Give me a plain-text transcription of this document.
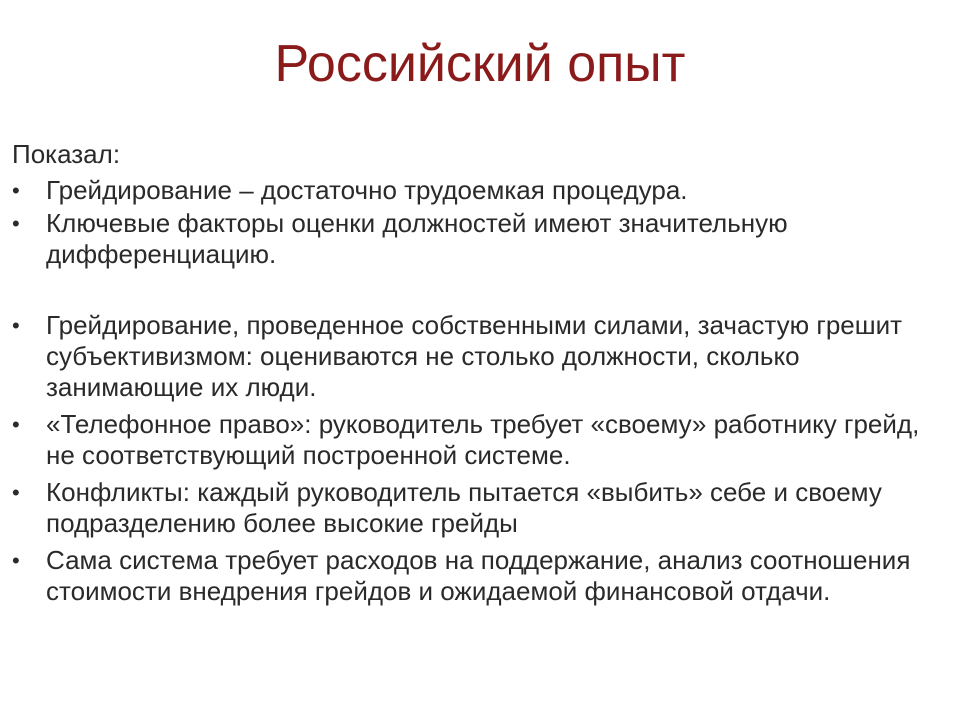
Российский опыт
Показал:
• Грейдирование – достаточно трудоемкая процедура.
• Ключевые факторы оценки должностей имеют значительную дифференциацию.
• Грейдирование, проведенное собственными силами, зачастую грешит субъективизмом: оцениваются не столько должности, сколько занимающие их люди.
• «Телефонное право»: руководитель требует «своему» работнику грейд, не соответствующий построенной системе.
• Конфликты: каждый руководитель пытается «выбить» себе и своему подразделению более высокие грейды
• Сама система требует расходов на поддержание, анализ соотношения стоимости внедрения грейдов и ожидаемой финансовой отдачи.
